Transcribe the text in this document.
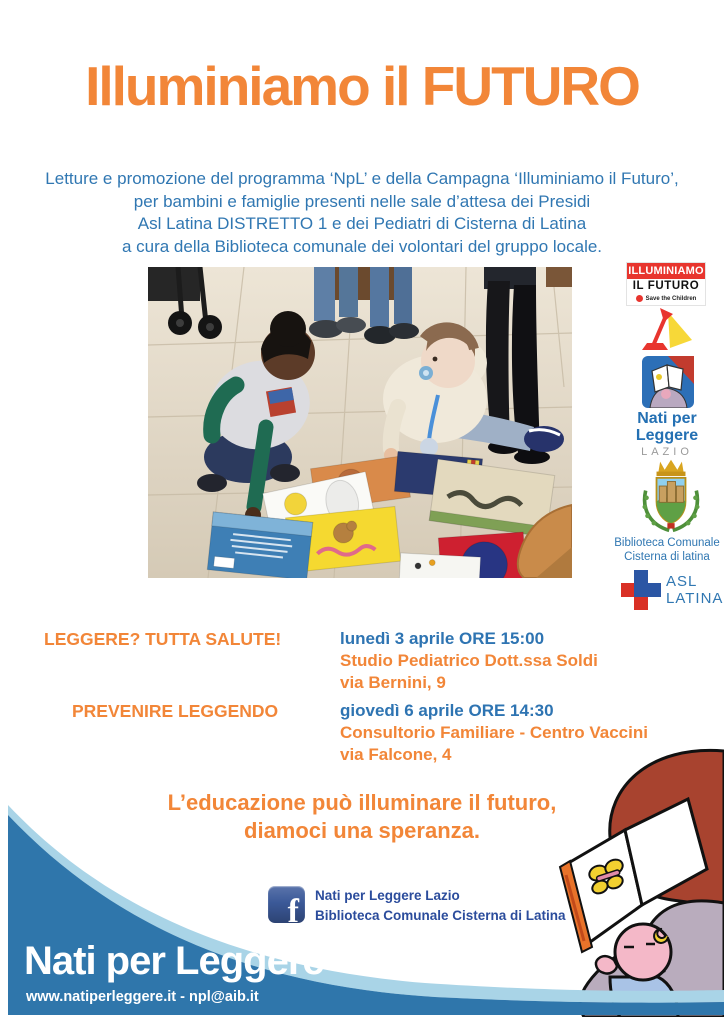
Illuminiamo il FUTURO
Letture e promozione del programma ‘NpL’ e della Campagna ‘Illuminiamo il Futuro’,
per bambini e famiglie presenti nelle sale d’attesa dei Presidi
Asl Latina DISTRETTO 1 e dei Pediatri di Cisterna di Latina
a cura della Biblioteca comunale dei volontari del gruppo locale.
ILLUMINIAMO
IL FUTURO
Save the Children
Nati per
Leggere
LAZIO
Biblioteca Comunale
Cisterna di latina
ASL
LATINA
LEGGERE? TUTTA SALUTE!	lunedì 3 aprile ORE 15:00
Studio Pediatrico Dott.ssa Soldi
via Bernini, 9
PREVENIRE LEGGENDO	giovedì 6 aprile ORE 14:30
Consultorio Familiare - Centro Vaccini
via Falcone, 4
L’educazione può illuminare il futuro,
diamoci una speranza.
f Nati per Leggere Lazio
Biblioteca Comunale Cisterna di Latina
Nati per Leggere
www.natiperleggere.it - npl@aib.it
